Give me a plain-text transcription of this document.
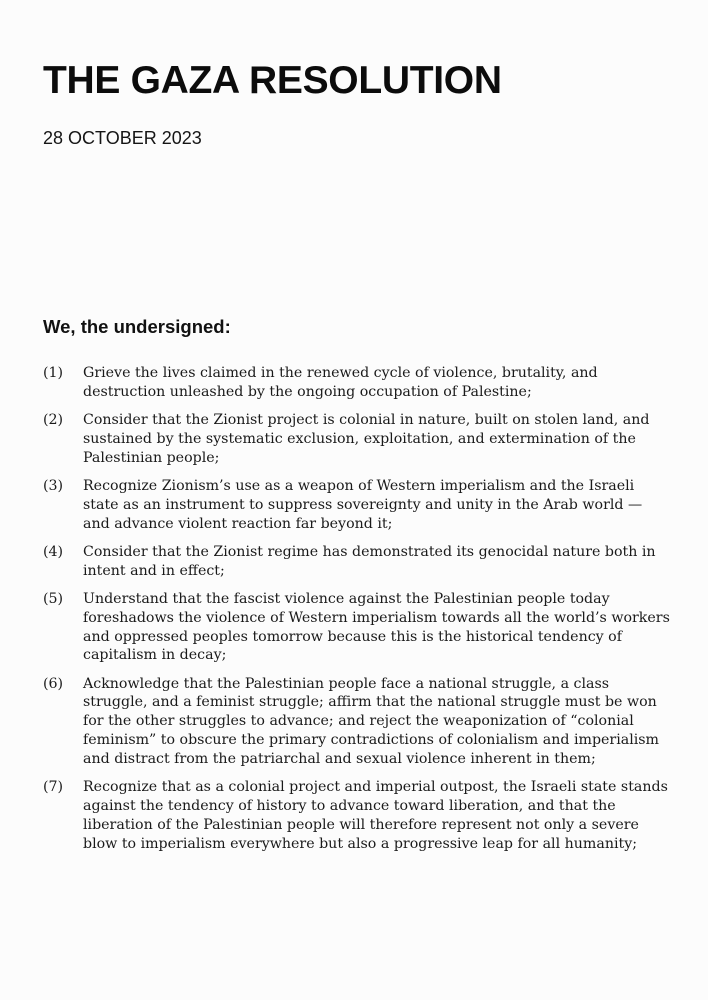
THE GAZA RESOLUTION
28 OCTOBER 2023
We, the undersigned:
(1)	Grieve the lives claimed in the renewed cycle of violence, brutality, and destruction unleashed by the ongoing occupation of Palestine;
(2)	Consider that the Zionist project is colonial in nature, built on stolen land, and sustained by the systematic exclusion, exploitation, and extermination of the Palestinian people;
(3)	Recognize Zionism’s use as a weapon of Western imperialism and the Israeli state as an instrument to suppress sovereignty and unity in the Arab world — and advance violent reaction far beyond it;
(4)	Consider that the Zionist regime has demonstrated its genocidal nature both in intent and in effect;
(5)	Understand that the fascist violence against the Palestinian people today foreshadows the violence of Western imperialism towards all the world’s workers and oppressed peoples tomorrow because this is the historical tendency of capitalism in decay;
(6)	Acknowledge that the Palestinian people face a national struggle, a class struggle, and a feminist struggle; affirm that the national struggle must be won for the other struggles to advance; and reject the weaponization of “colonial feminism” to obscure the primary contradictions of colonialism and imperialism and distract from the patriarchal and sexual violence inherent in them;
(7)	Recognize that as a colonial project and imperial outpost, the Israeli state stands against the tendency of history to advance toward liberation, and that the liberation of the Palestinian people will therefore represent not only a severe blow to imperialism everywhere but also a progressive leap for all humanity;
